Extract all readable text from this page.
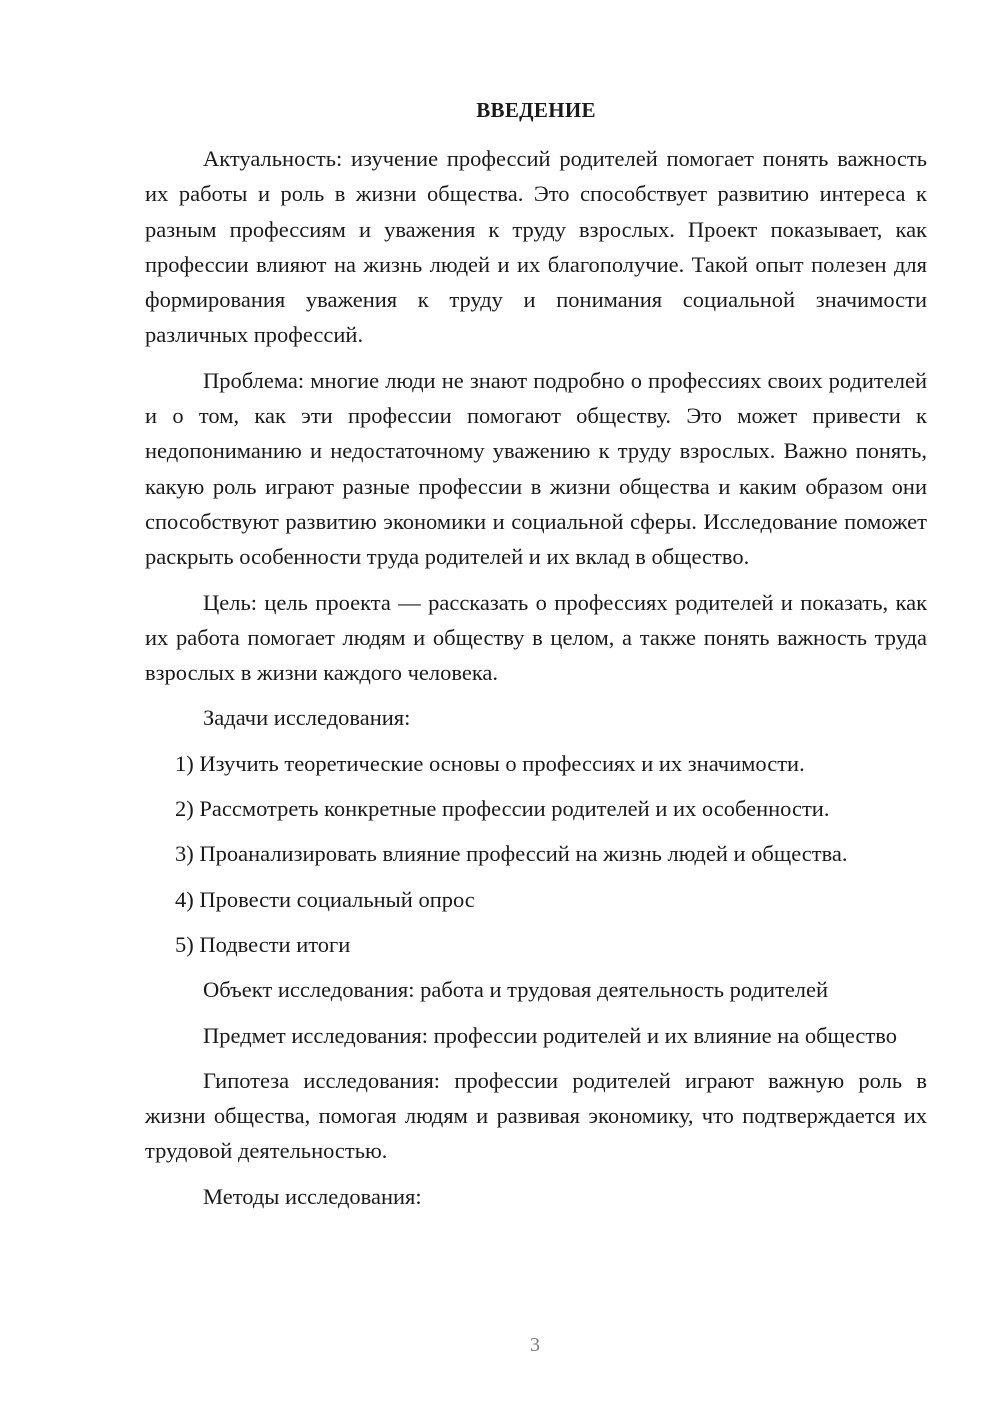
ВВЕДЕНИЕ

Актуальность: изучение профессий родителей помогает понять важность их работы и роль в жизни общества. Это способствует развитию интереса к разным профессиям и уважения к труду взрослых. Проект показывает, как профессии влияют на жизнь людей и их благополучие. Такой опыт полезен для формирования уважения к труду и понимания социальной значимости различных профессий.

Проблема: многие люди не знают подробно о профессиях своих родителей и о том, как эти профессии помогают обществу. Это может привести к недопониманию и недостаточному уважению к труду взрослых. Важно понять, какую роль играют разные профессии в жизни общества и каким образом они способствуют развитию экономики и социальной сферы. Исследование поможет раскрыть особенности труда родителей и их вклад в общество.

Цель: цель проекта — рассказать о профессиях родителей и показать, как их работа помогает людям и обществу в целом, а также понять важность труда взрослых в жизни каждого человека.

Задачи исследования:

1) Изучить теоретические основы о профессиях и их значимости.

2) Рассмотреть конкретные профессии родителей и их особенности.

3) Проанализировать влияние профессий на жизнь людей и общества.

4) Провести социальный опрос

5) Подвести итоги

Объект исследования: работа и трудовая деятельность родителей

Предмет исследования: профессии родителей и их влияние на общество

Гипотеза исследования: профессии родителей играют важную роль в жизни общества, помогая людям и развивая экономику, что подтверждается их трудовой деятельностью.

Методы исследования:

3
